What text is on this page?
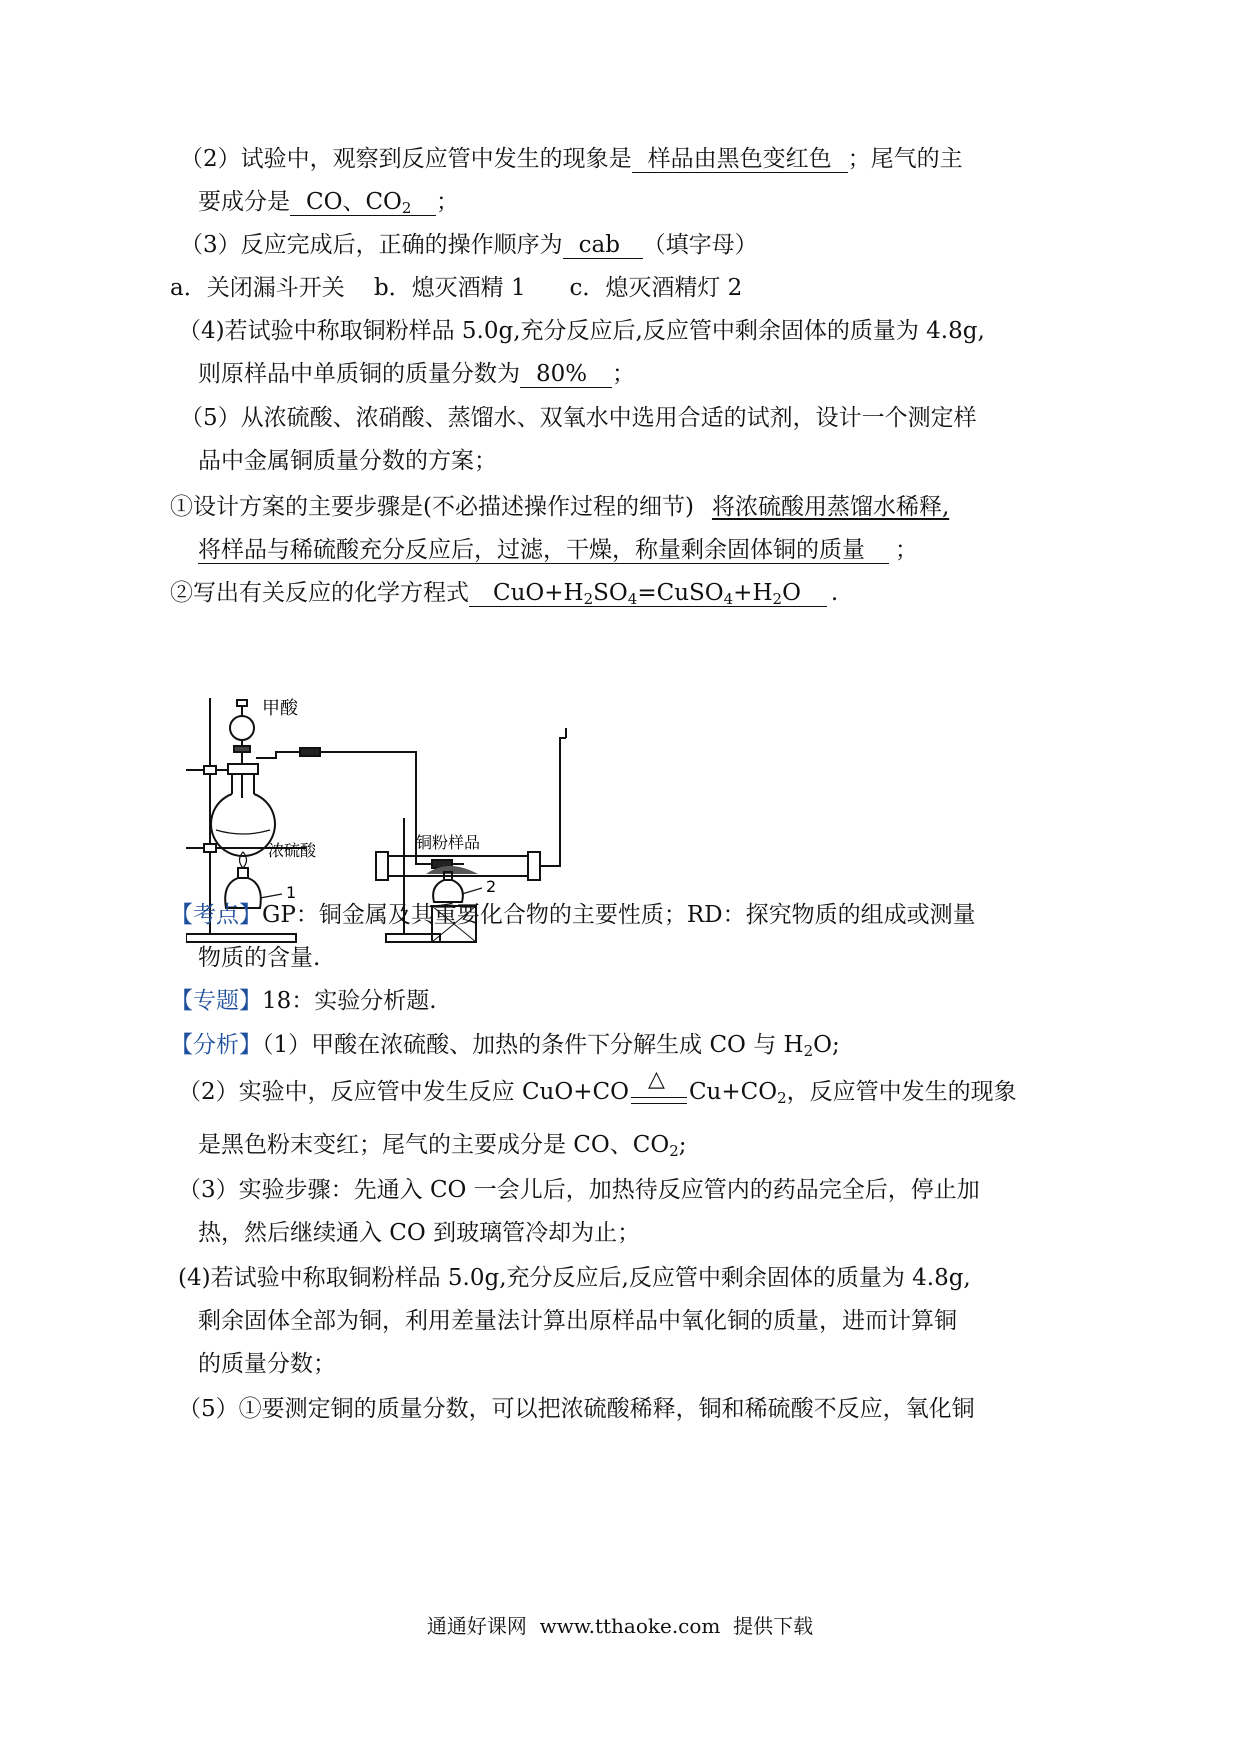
（2）试验中，观察到反应管中发生的现象是 样品由黑色变红色 ；尾气的主
要成分是 CO、$CO_2$ ；
（3）反应完成后，正确的操作顺序为 cab （填字母）
a．关闭漏斗开关    b．熄灭酒精 1      c．熄灭酒精灯 2
（4)若试验中称取铜粉样品 5.0g,充分反应后,反应管中剩余固体的质量为 4.8g,
则原样品中单质铜的质量分数为 80% ；
（5）从浓硫酸、浓硝酸、蒸馏水、双氧水中选用合适的试剂，设计一个测定样
品中金属铜质量分数的方案；
①设计方案的主要步骤是(不必描述操作过程的细节) 将浓硫酸用蒸馏水稀释,
将样品与稀硫酸充分反应后，过滤，干燥，称量剩余固体铜的质量 ；
②写出有关反应的化学方程式 $CuO+H_2SO_4=CuSO_4+H_2O$ .
甲酸
铜粉样品
浓硫酸
1	2
【考点】GP：铜金属及其重要化合物的主要性质；RD：探究物质的组成或测量
物质的含量.
【专题】18：实验分析题.
【分析】（1）甲酸在浓硫酸、加热的条件下分解生成 CO 与 $H_2O$;
（2）实验中，反应管中发生反应 CuO+CO △ $Cu+CO_2$，反应管中发生的现象
是黑色粉末变红；尾气的主要成分是 CO、$CO_2$;
（3）实验步骤：先通入 CO 一会儿后，加热待反应管内的药品完全后，停止加
热，然后继续通入 CO 到玻璃管冷却为止；
(4)若试验中称取铜粉样品 5.0g,充分反应后,反应管中剩余固体的质量为 4.8g,
剩余固体全部为铜，利用差量法计算出原样品中氧化铜的质量，进而计算铜
的质量分数；
（5）①要测定铜的质量分数，可以把浓硫酸稀释，铜和稀硫酸不反应，氧化铜
通通好课网  www.tthaoke.com  提供下载
